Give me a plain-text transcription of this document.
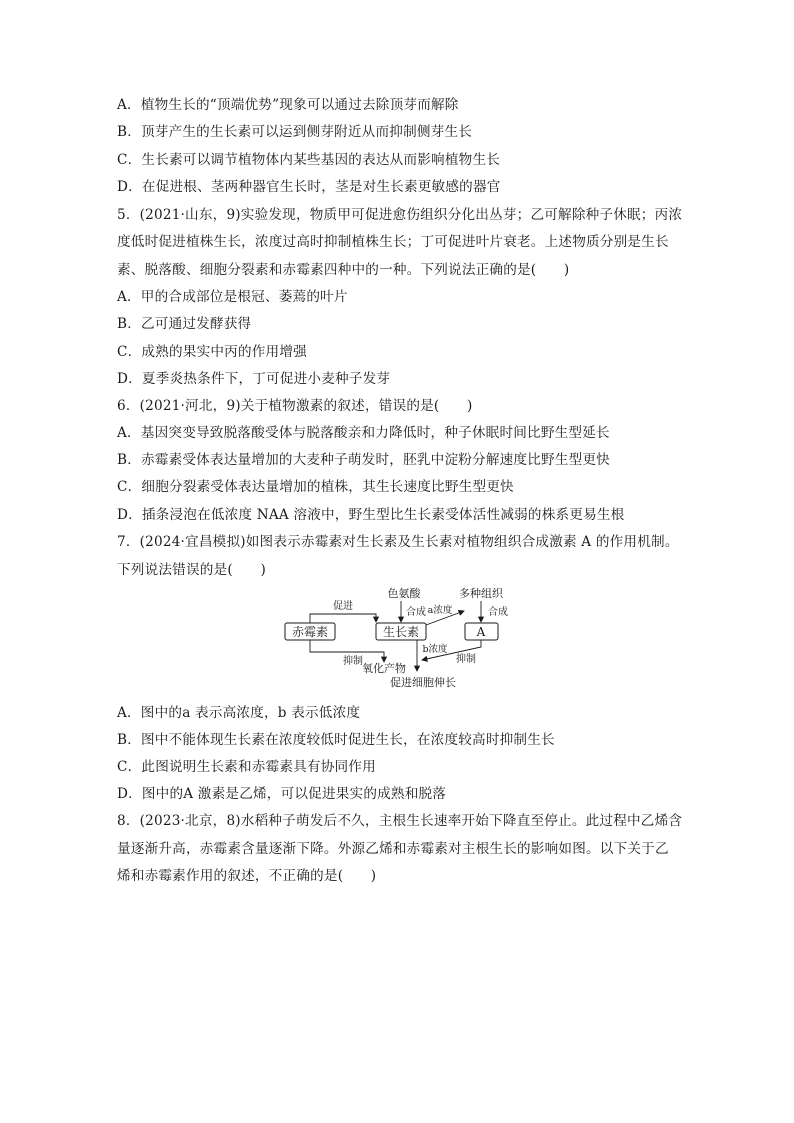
A．植物生长的“顶端优势”现象可以通过去除顶芽而解除
B．顶芽产生的生长素可以运到侧芽附近从而抑制侧芽生长
C．生长素可以调节植物体内某些基因的表达从而影响植物生长
D．在促进根、茎两种器官生长时，茎是对生长素更敏感的器官
5．(2021·山东，9)实验发现，物质甲可促进愈伤组织分化出丛芽；乙可解除种子休眠；丙浓
度低时促进植株生长，浓度过高时抑制植株生长；丁可促进叶片衰老。上述物质分别是生长
素、脱落酸、细胞分裂素和赤霉素四种中的一种。下列说法正确的是(　　)
A．甲的合成部位是根冠、萎蔫的叶片
B．乙可通过发酵获得
C．成熟的果实中丙的作用增强
D．夏季炎热条件下，丁可促进小麦种子发芽
6．(2021·河北，9)关于植物激素的叙述，错误的是(　　)
A．基因突变导致脱落酸受体与脱落酸亲和力降低时，种子休眠时间比野生型延长
B．赤霉素受体表达量增加的大麦种子萌发时，胚乳中淀粉分解速度比野生型更快
C．细胞分裂素受体表达量增加的植株，其生长速度比野生型更快
D．插条浸泡在低浓度 NAA 溶液中，野生型比生长素受体活性减弱的株系更易生根
7．(2024·宜昌模拟)如图表示赤霉素对生长素及生长素对植物组织合成激素 A 的作用机制。
下列说法错误的是(　　)
赤霉素	生长素	A
促进
抑制
色氨酸
合成
多种组织
合成
a浓度
b浓度
抑制
氧化产物
促进细胞伸长
A．图中的a 表示高浓度，b 表示低浓度
B．图中不能体现生长素在浓度较低时促进生长，在浓度较高时抑制生长
C．此图说明生长素和赤霉素具有协同作用
D．图中的A 激素是乙烯，可以促进果实的成熟和脱落
8．(2023·北京，8)水稻种子萌发后不久，主根生长速率开始下降直至停止。此过程中乙烯含
量逐渐升高，赤霉素含量逐渐下降。外源乙烯和赤霉素对主根生长的影响如图。以下关于乙
烯和赤霉素作用的叙述，不正确的是(　　)
